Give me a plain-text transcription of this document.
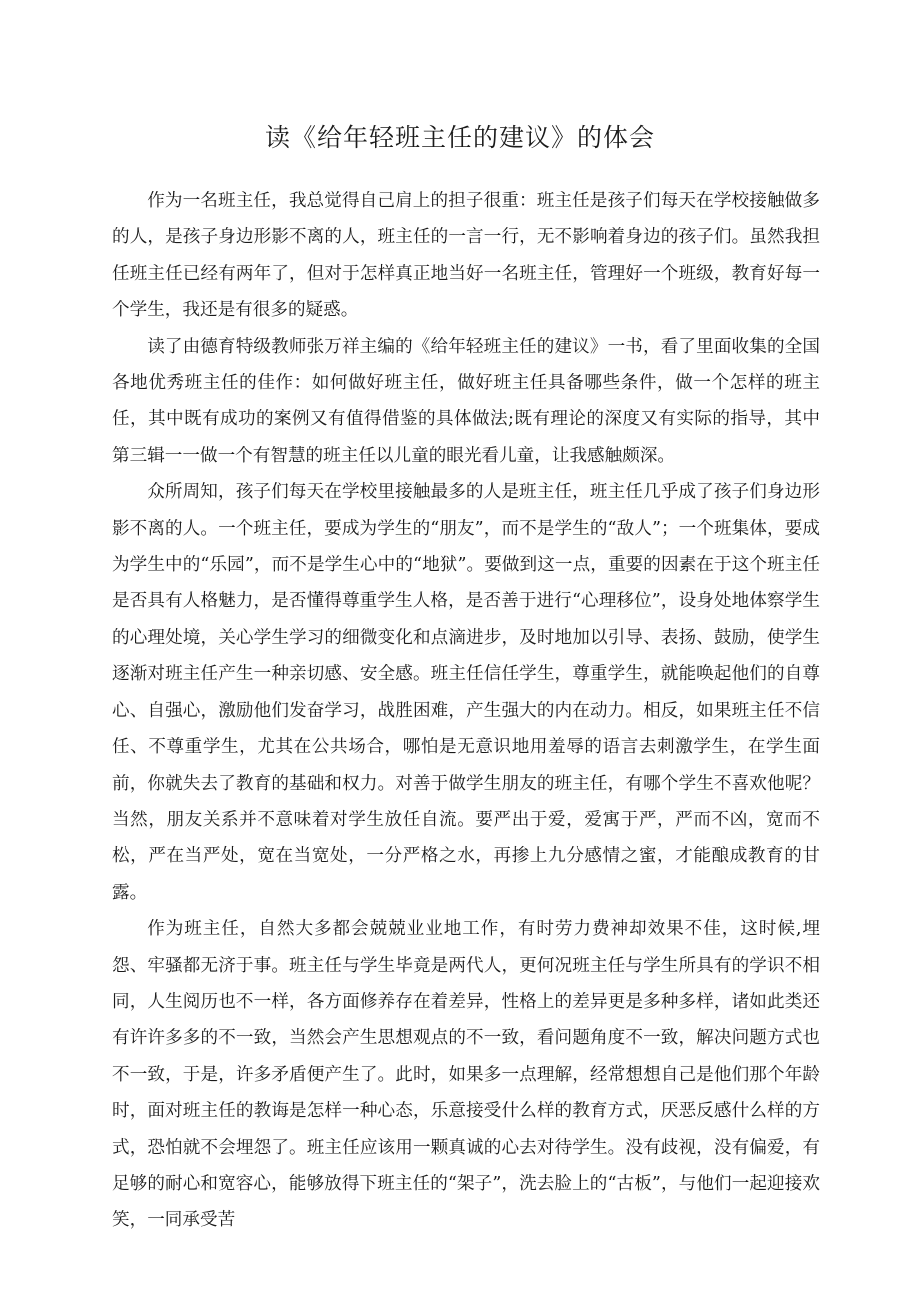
读《给年轻班主任的建议》的体会

作为一名班主任，我总觉得自己肩上的担子很重：班主任是孩子们每天在学校接触做多的人，是孩子身边形影不离的人，班主任的一言一行，无不影响着身边的孩子们。虽然我担任班主任已经有两年了，但对于怎样真正地当好一名班主任，管理好一个班级，教育好每一个学生，我还是有很多的疑惑。

读了由德育特级教师张万祥主编的《给年轻班主任的建议》一书，看了里面收集的全国各地优秀班主任的佳作：如何做好班主任，做好班主任具备哪些条件，做一个怎样的班主任，其中既有成功的案例又有值得借鉴的具体做法;既有理论的深度又有实际的指导，其中第三辑一一做一个有智慧的班主任以儿童的眼光看儿童，让我感触颇深。

众所周知，孩子们每天在学校里接触最多的人是班主任，班主任几乎成了孩子们身边形影不离的人。一个班主任，要成为学生的“朋友”，而不是学生的“敌人”；一个班集体，要成为学生中的“乐园”，而不是学生心中的“地狱”。要做到这一点，重要的因素在于这个班主任是否具有人格魅力，是否懂得尊重学生人格，是否善于进行“心理移位”，设身处地体察学生的心理处境，关心学生学习的细微变化和点滴进步，及时地加以引导、表扬、鼓励，使学生逐渐对班主任产生一种亲切感、安全感。班主任信任学生，尊重学生，就能唤起他们的自尊心、自强心，激励他们发奋学习，战胜困难，产生强大的内在动力。相反，如果班主任不信任、不尊重学生，尤其在公共场合，哪怕是无意识地用羞辱的语言去刺激学生，在学生面前，你就失去了教育的基础和权力。对善于做学生朋友的班主任，有哪个学生不喜欢他呢？当然，朋友关系并不意味着对学生放任自流。要严出于爱，爱寓于严，严而不凶，宽而不松，严在当严处，宽在当宽处，一分严格之水，再掺上九分感情之蜜，才能酿成教育的甘露。

作为班主任，自然大多都会兢兢业业地工作，有时劳力费神却效果不佳，这时候,埋怨、牢骚都无济于事。班主任与学生毕竟是两代人，更何况班主任与学生所具有的学识不相同，人生阅历也不一样，各方面修养存在着差异，性格上的差异更是多种多样，诸如此类还有许许多多的不一致，当然会产生思想观点的不一致，看问题角度不一致，解决问题方式也不一致，于是，许多矛盾便产生了。此时，如果多一点理解，经常想想自己是他们那个年龄时，面对班主任的教诲是怎样一种心态，乐意接受什么样的教育方式，厌恶反感什么样的方式，恐怕就不会埋怨了。班主任应该用一颗真诚的心去对待学生。没有歧视，没有偏爱，有足够的耐心和宽容心，能够放得下班主任的“架子”，洗去脸上的“古板”，与他们一起迎接欢笑，一同承受苦
